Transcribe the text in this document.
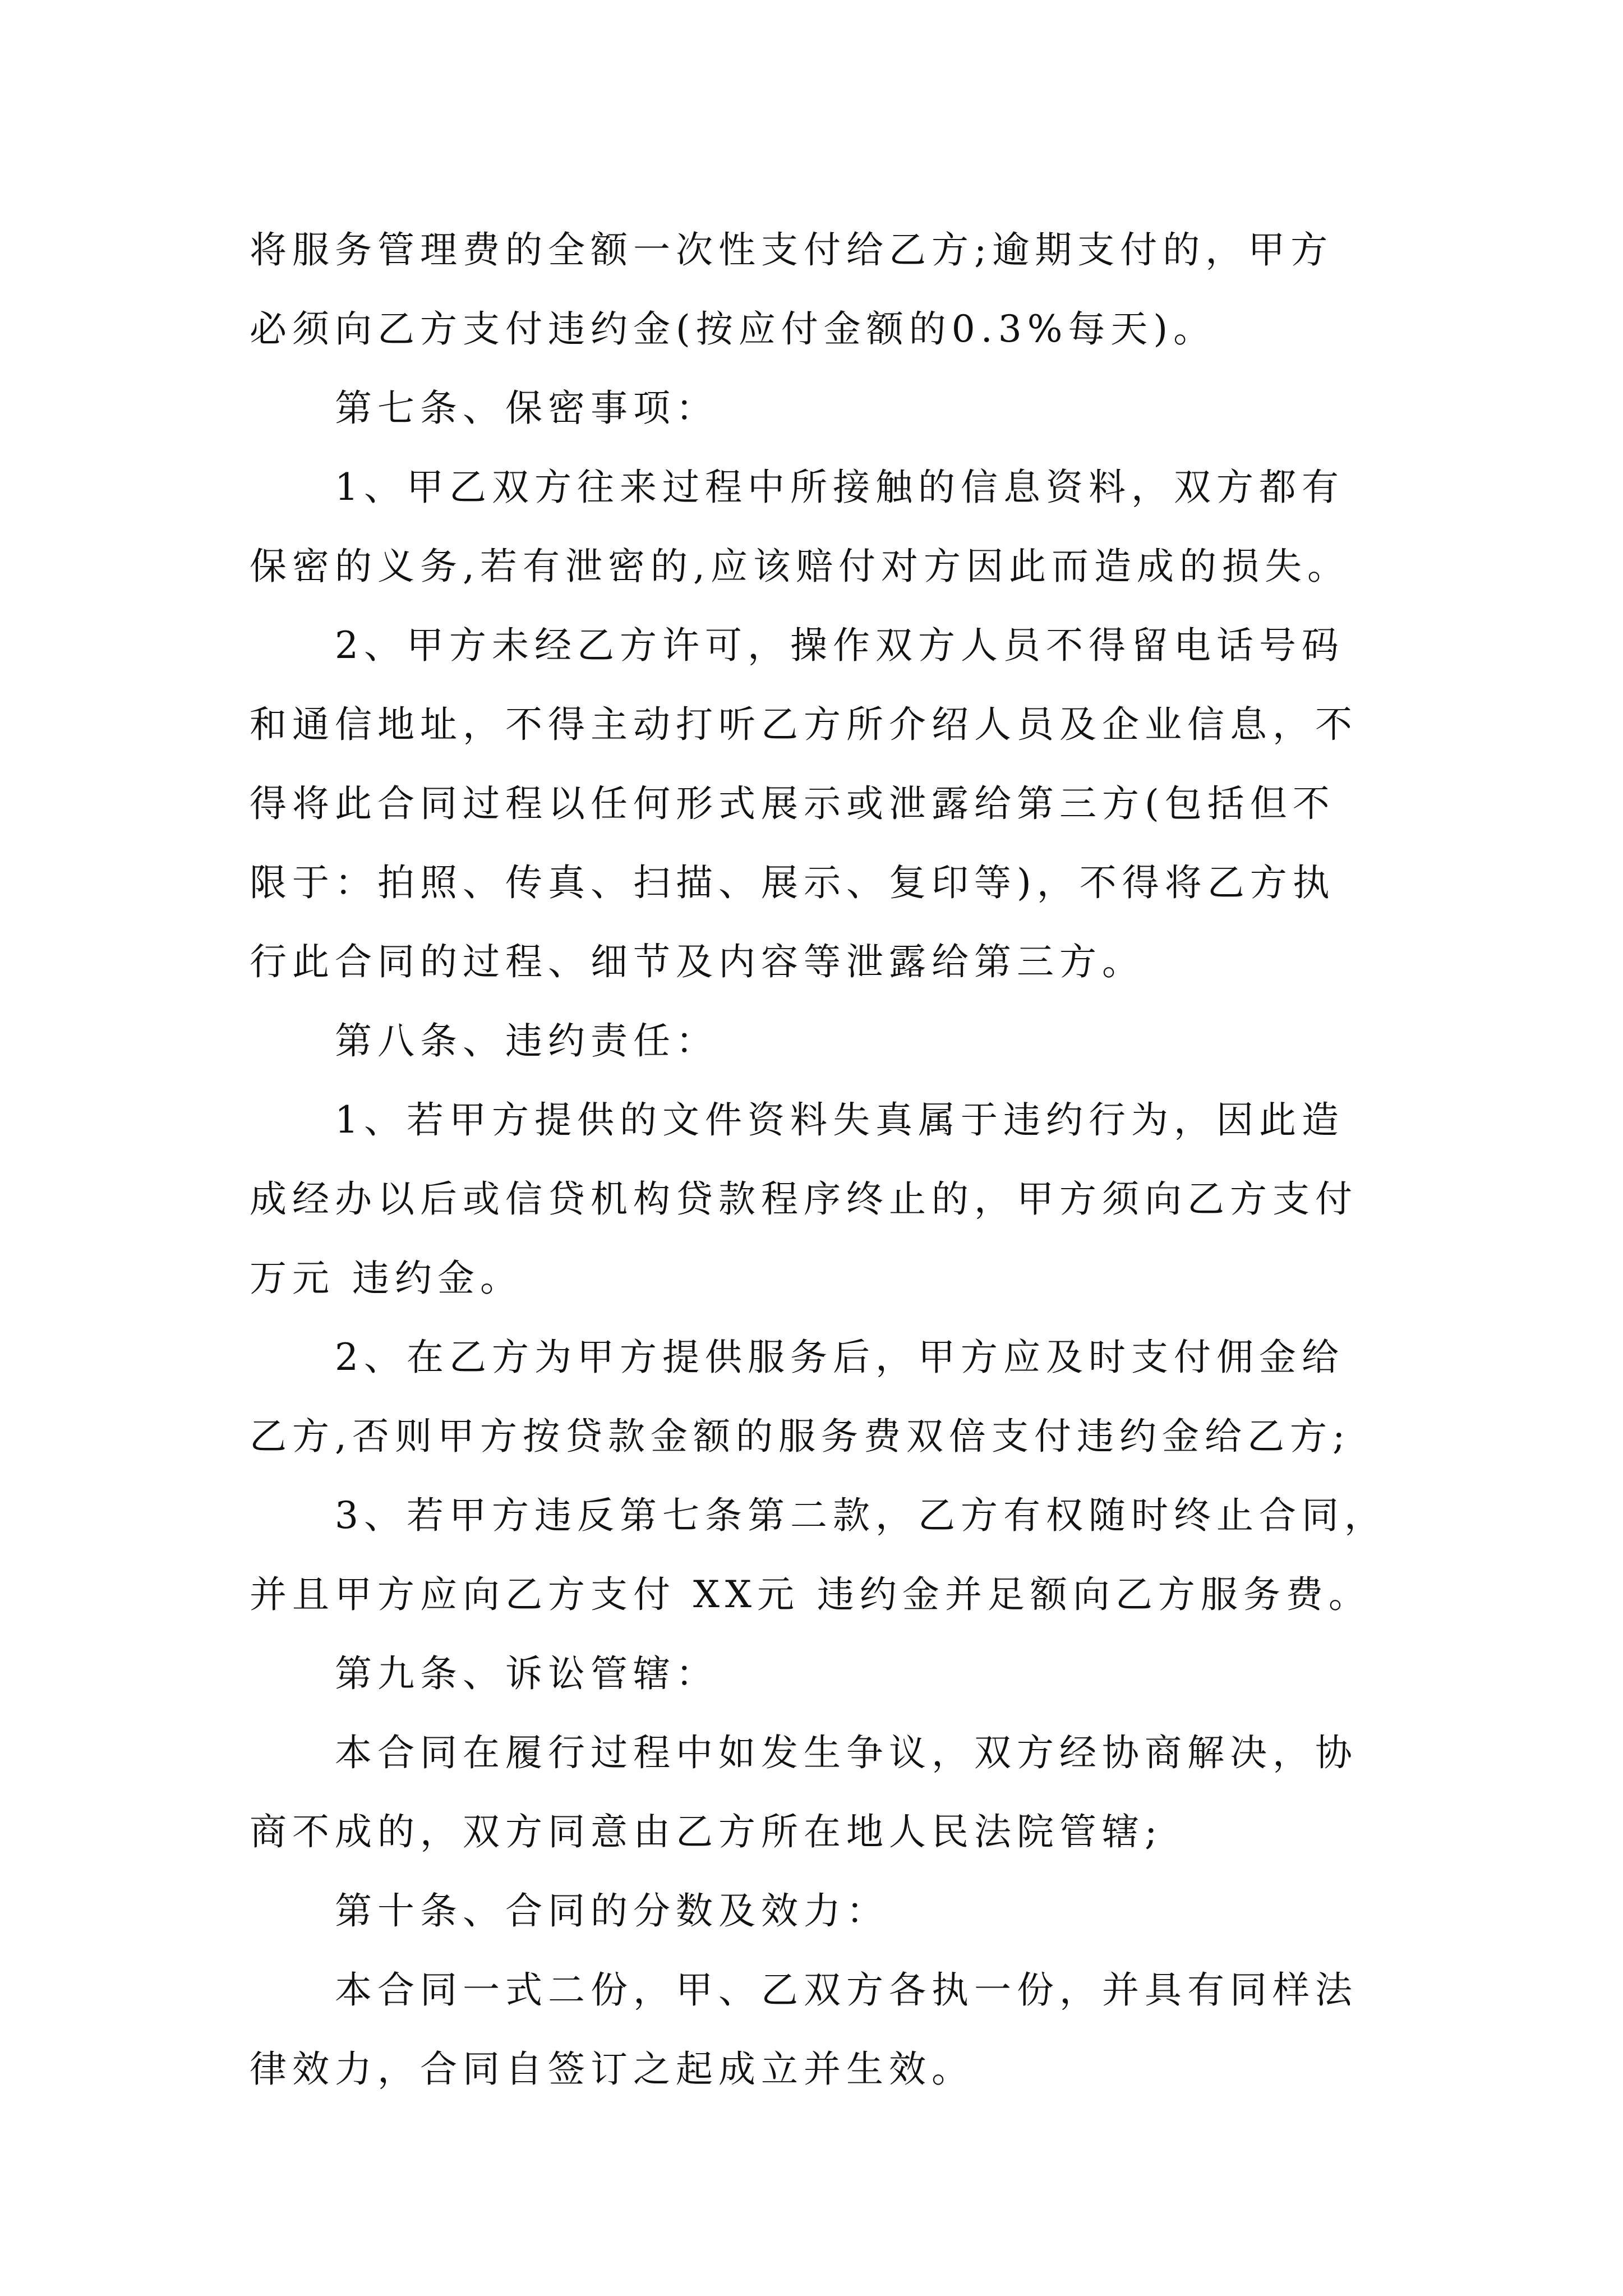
将服务管理费的全额一次性支付给乙方;逾期支付的，甲方
必须向乙方支付违约金(按应付金额的0.3%每天)。
第七条、保密事项：
1、甲乙双方往来过程中所接触的信息资料，双方都有
保密的义务,若有泄密的,应该赔付对方因此而造成的损失。
2、甲方未经乙方许可，操作双方人员不得留电话号码
和通信地址，不得主动打听乙方所介绍人员及企业信息，不
得将此合同过程以任何形式展示或泄露给第三方(包括但不
限于：拍照、传真、扫描、展示、复印等)，不得将乙方执
行此合同的过程、细节及内容等泄露给第三方。
第八条、违约责任：
1、若甲方提供的文件资料失真属于违约行为，因此造
成经办以后或信贷机构贷款程序终止的，甲方须向乙方支付
万元 违约金。
2、在乙方为甲方提供服务后，甲方应及时支付佣金给
乙方,否则甲方按贷款金额的服务费双倍支付违约金给乙方;
3、若甲方违反第七条第二款，乙方有权随时终止合同，
并且甲方应向乙方支付 XX元 违约金并足额向乙方服务费。
第九条、诉讼管辖：
本合同在履行过程中如发生争议，双方经协商解决，协
商不成的，双方同意由乙方所在地人民法院管辖;
第十条、合同的分数及效力：
本合同一式二份，甲、乙双方各执一份，并具有同样法
律效力，合同自签订之起成立并生效。
